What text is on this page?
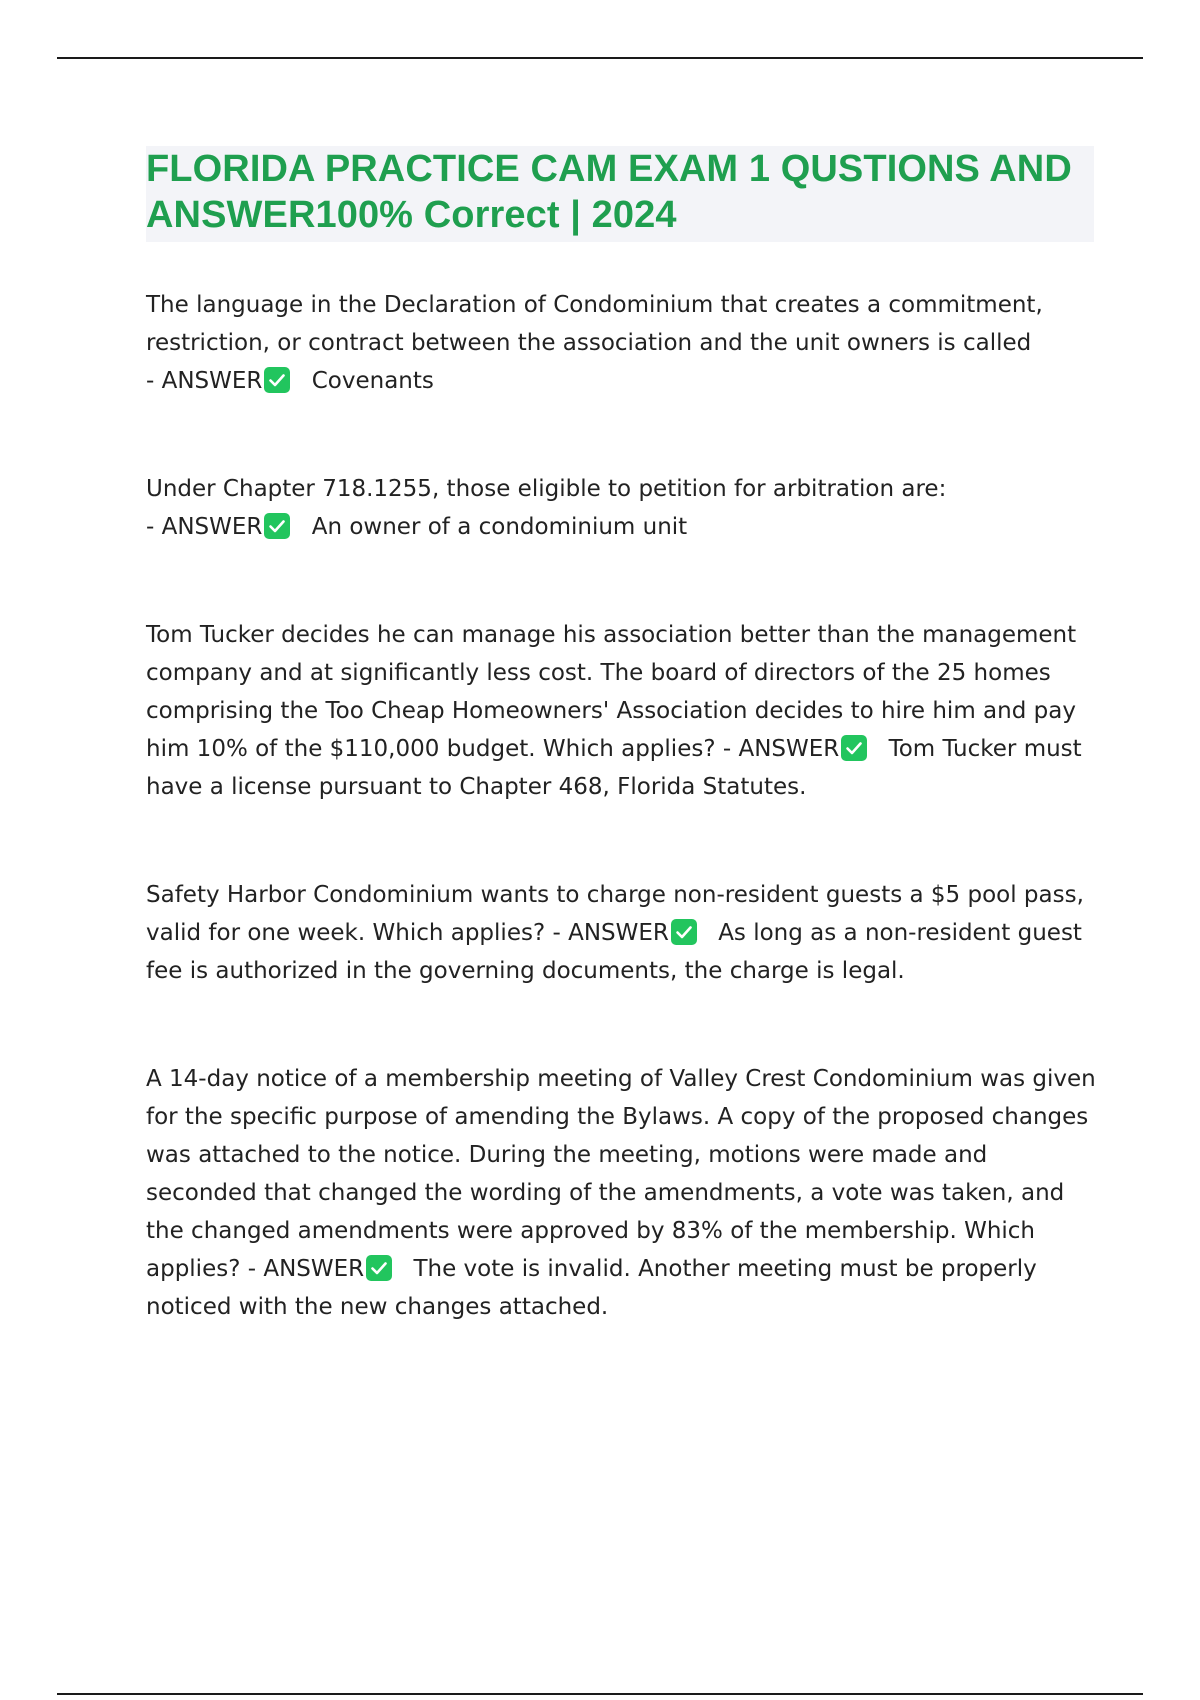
FLORIDA PRACTICE CAM EXAM 1 QUSTIONS AND ANSWER100% Correct | 2024

The language in the Declaration of Condominium that creates a commitment, restriction, or contract between the association and the unit owners is called - ANSWER Covenants

Under Chapter 718.1255, those eligible to petition for arbitration are: - ANSWER An owner of a condominium unit

Tom Tucker decides he can manage his association better than the management company and at significantly less cost. The board of directors of the 25 homes comprising the Too Cheap Homeowners' Association decides to hire him and pay him 10% of the $110,000 budget. Which applies? - ANSWER Tom Tucker must have a license pursuant to Chapter 468, Florida Statutes.

Safety Harbor Condominium wants to charge non-resident guests a $5 pool pass, valid for one week. Which applies? - ANSWER As long as a non-resident guest fee is authorized in the governing documents, the charge is legal.

A 14-day notice of a membership meeting of Valley Crest Condominium was given for the specific purpose of amending the Bylaws. A copy of the proposed changes was attached to the notice. During the meeting, motions were made and seconded that changed the wording of the amendments, a vote was taken, and the changed amendments were approved by 83% of the membership. Which applies? - ANSWER The vote is invalid. Another meeting must be properly noticed with the new changes attached.
